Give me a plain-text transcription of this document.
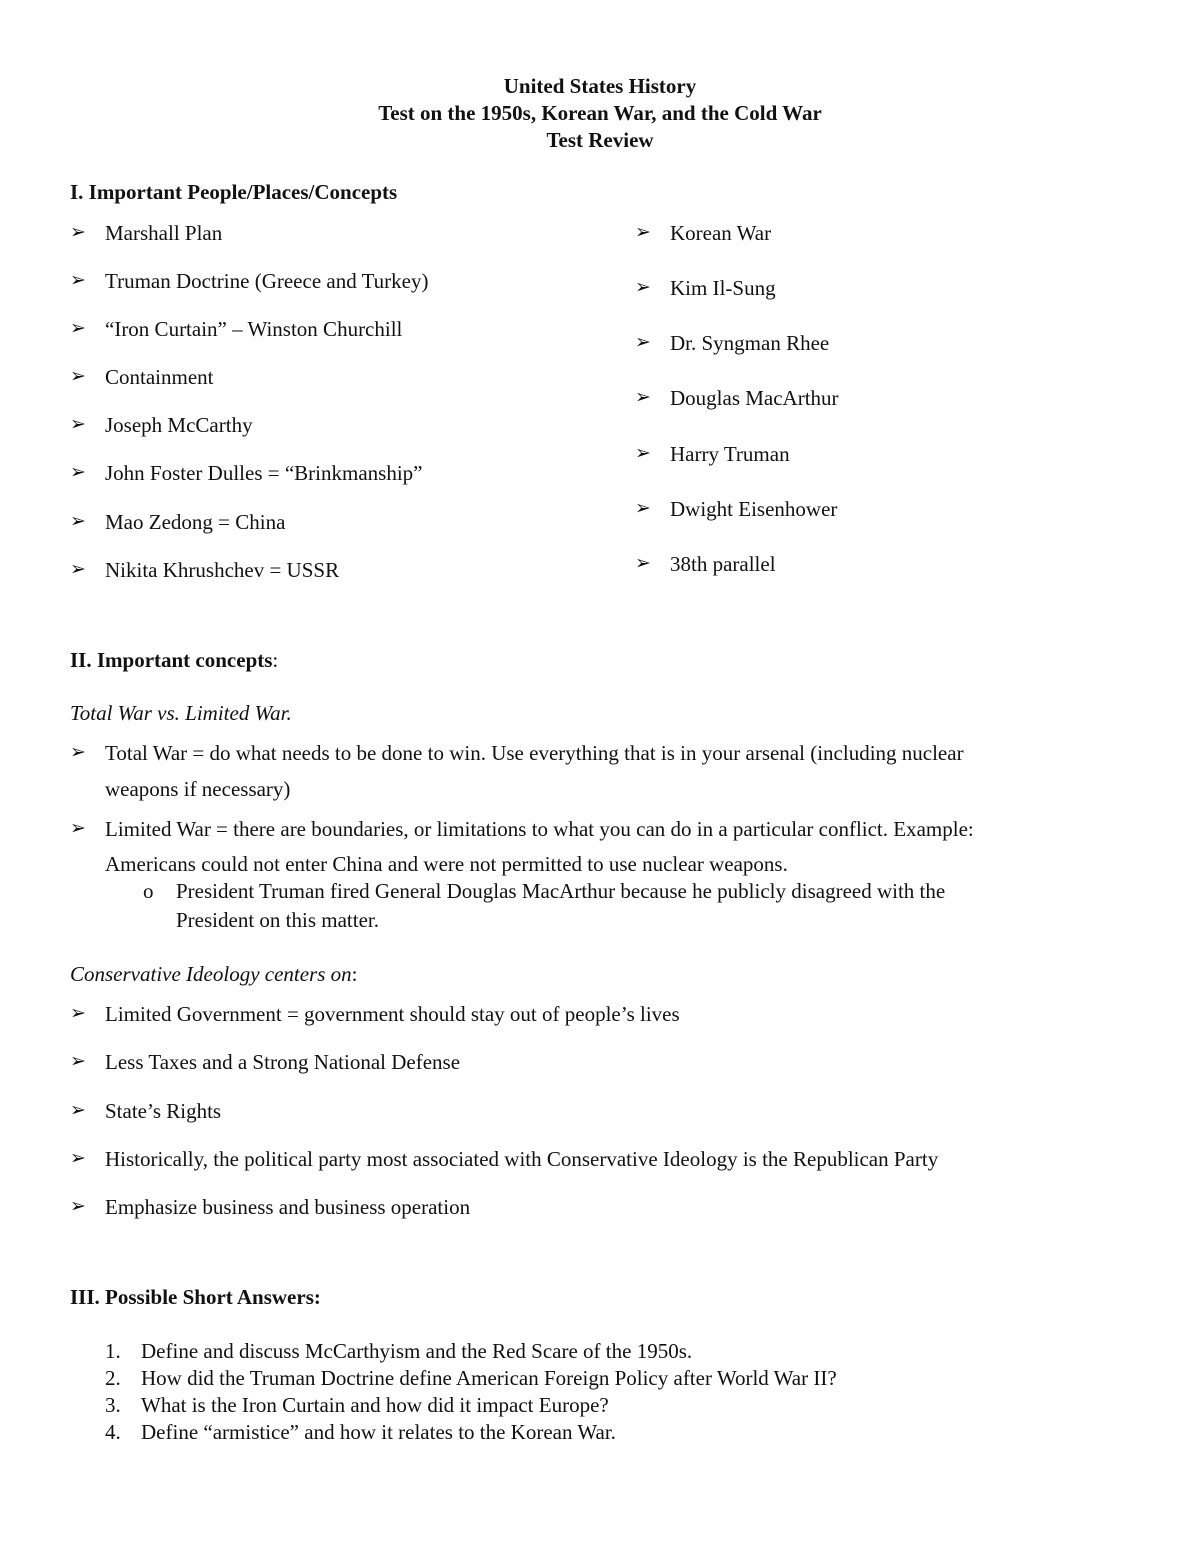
United States History
Test on the 1950s, Korean War, and the Cold War
Test Review
I. Important People/Places/Concepts
➢ Marshall Plan
➢ Truman Doctrine (Greece and Turkey)
➢ “Iron Curtain” – Winston Churchill
➢ Containment
➢ Joseph McCarthy
➢ John Foster Dulles = “Brinkmanship”
➢ Mao Zedong = China
➢ Nikita Khrushchev = USSR
➢ Korean War
➢ Kim Il-Sung
➢ Dr. Syngman Rhee
➢ Douglas MacArthur
➢ Harry Truman
➢ Dwight Eisenhower
➢ 38th parallel
II. Important concepts:
Total War vs. Limited War.
➢ Total War = do what needs to be done to win. Use everything that is in your arsenal (including nuclear
weapons if necessary)
➢ Limited War = there are boundaries, or limitations to what you can do in a particular conflict. Example:
Americans could not enter China and were not permitted to use nuclear weapons.
o President Truman fired General Douglas MacArthur because he publicly disagreed with the
President on this matter.
Conservative Ideology centers on:
➢ Limited Government = government should stay out of people’s lives
➢ Less Taxes and a Strong National Defense
➢ State’s Rights
➢ Historically, the political party most associated with Conservative Ideology is the Republican Party
➢ Emphasize business and business operation
III. Possible Short Answers:
1. Define and discuss McCarthyism and the Red Scare of the 1950s.
2. How did the Truman Doctrine define American Foreign Policy after World War II?
3. What is the Iron Curtain and how did it impact Europe?
4. Define “armistice” and how it relates to the Korean War.
